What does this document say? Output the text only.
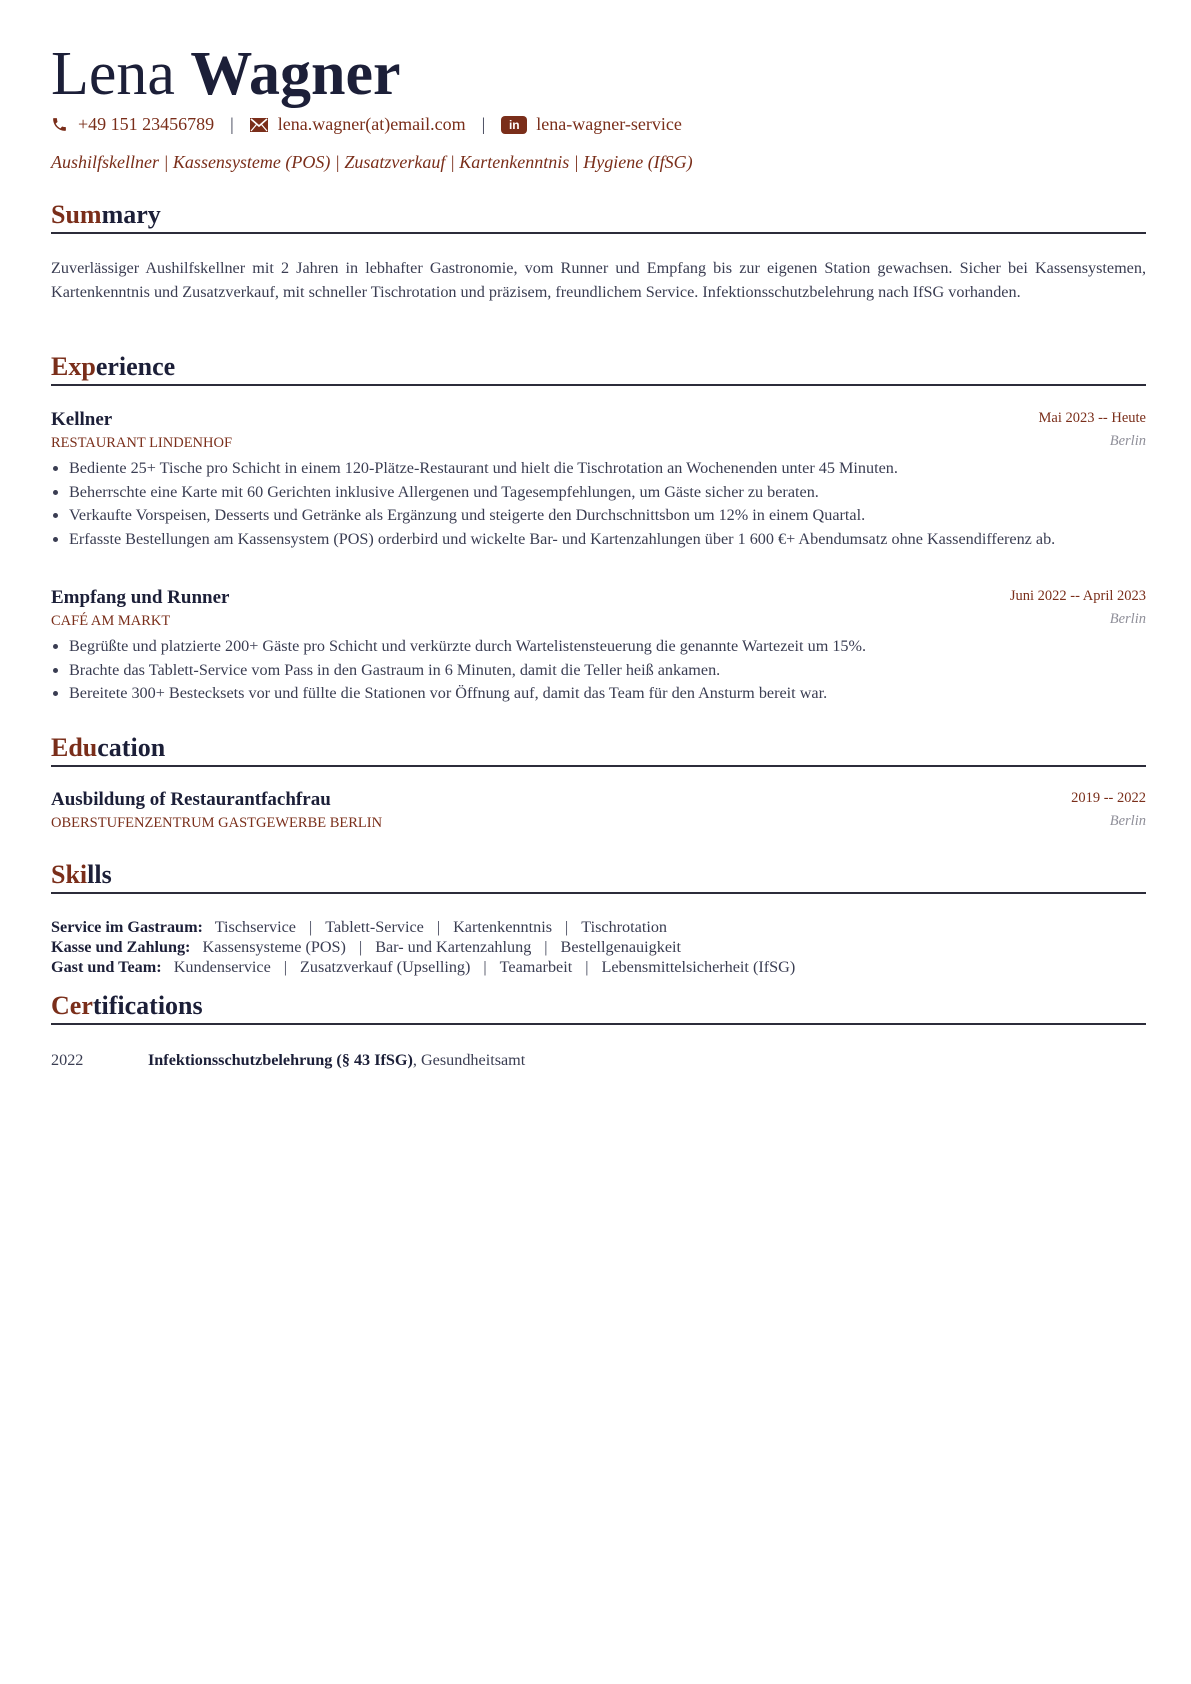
Lena Wagner
+49 151 23456789 | lena.wagner(at)email.com |	in lena-wagner-service
Aushilfskellner | Kassensysteme (POS) | Zusatzverkauf | Kartenkenntnis | Hygiene (IfSG)
Summary
Zuverlässiger Aushilfskellner mit 2 Jahren in lebhafter Gastronomie, vom Runner und Empfang bis zur eigenen Station gewachsen. Sicher bei Kassensystemen, Kartenkenntnis und Zusatzverkauf, mit schneller Tischrotation und präzisem, freundlichem Service. Infektionsschutzbelehrung nach IfSG vorhanden.
Experience
Kellner	Mai 2023 -- Heute
RESTAURANT LINDENHOF	Berlin
• Bediente 25+ Tische pro Schicht in einem 120-Plätze-Restaurant und hielt die Tischrotation an Wochenenden unter 45 Minuten.
• Beherrschte eine Karte mit 60 Gerichten inklusive Allergenen und Tagesempfehlungen, um Gäste sicher zu beraten.
• Verkaufte Vorspeisen, Desserts und Getränke als Ergänzung und steigerte den Durchschnittsbon um 12% in einem Quartal.
• Erfasste Bestellungen am Kassensystem (POS) orderbird und wickelte Bar- und Kartenzahlungen über 1 600 €+ Abendumsatz ohne Kassendifferenz ab.
Empfang und Runner	Juni 2022 -- April 2023
CAFÉ AM MARKT	Berlin
• Begrüßte und platzierte 200+ Gäste pro Schicht und verkürzte durch Wartelistensteuerung die genannte Wartezeit um 15%.
• Brachte das Tablett-Service vom Pass in den Gastraum in 6 Minuten, damit die Teller heiß ankamen.
• Bereitete 300+ Bestecksets vor und füllte die Stationen vor Öffnung auf, damit das Team für den Ansturm bereit war.
Education
Ausbildung of Restaurantfachfrau	2019 -- 2022
OBERSTUFENZENTRUM GASTGEWERBE BERLIN	Berlin
Skills
Service im Gastraum: Tischservice | Tablett-Service | Kartenkenntnis | Tischrotation
Kasse und Zahlung: Kassensysteme (POS) | Bar- und Kartenzahlung | Bestellgenauigkeit
Gast und Team: Kundenservice | Zusatzverkauf (Upselling) | Teamarbeit | Lebensmittelsicherheit (IfSG)
Certifications
2022	Infektionsschutzbelehrung (§ 43 IfSG), Gesundheitsamt
